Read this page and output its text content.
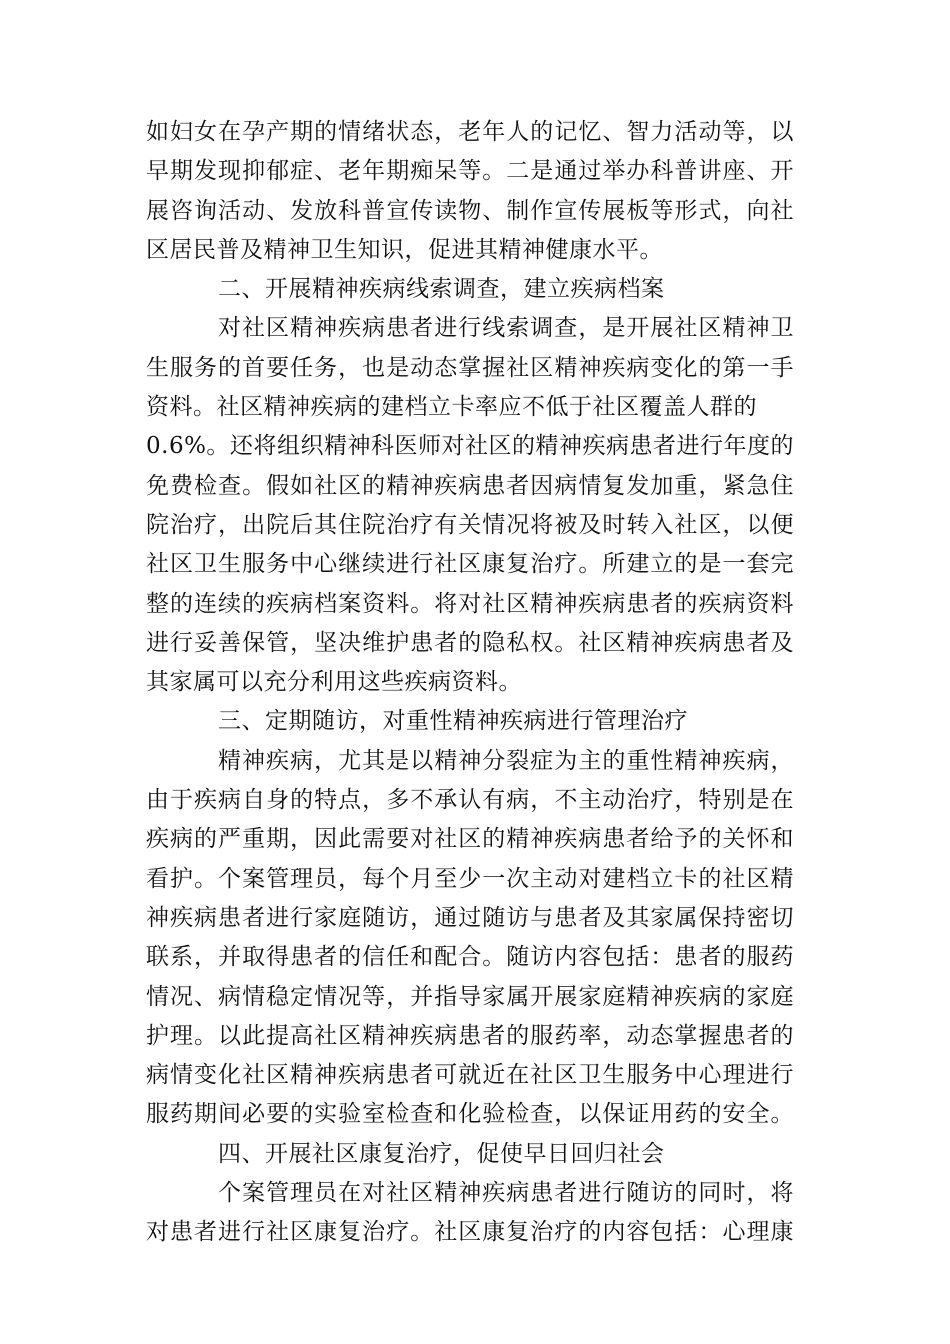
如妇女在孕产期的情绪状态，老年人的记忆、智力活动等，以
早期发现抑郁症、老年期痴呆等。二是通过举办科普讲座、开
展咨询活动、发放科普宣传读物、制作宣传展板等形式，向社
区居民普及精神卫生知识，促进其精神健康水平。
二、开展精神疾病线索调查，建立疾病档案
对社区精神疾病患者进行线索调查，是开展社区精神卫
生服务的首要任务，也是动态掌握社区精神疾病变化的第一手
资料。社区精神疾病的建档立卡率应不低于社区覆盖人群的
0.6%。还将组织精神科医师对社区的精神疾病患者进行年度的
免费检查。假如社区的精神疾病患者因病情复发加重，紧急住
院治疗，出院后其住院治疗有关情况将被及时转入社区，以便
社区卫生服务中心继续进行社区康复治疗。所建立的是一套完
整的连续的疾病档案资料。将对社区精神疾病患者的疾病资料
进行妥善保管，坚决维护患者的隐私权。社区精神疾病患者及
其家属可以充分利用这些疾病资料。
三、定期随访，对重性精神疾病进行管理治疗
精神疾病，尤其是以精神分裂症为主的重性精神疾病，
由于疾病自身的特点，多不承认有病，不主动治疗，特别是在
疾病的严重期，因此需要对社区的精神疾病患者给予的关怀和
看护。个案管理员，每个月至少一次主动对建档立卡的社区精
神疾病患者进行家庭随访，通过随访与患者及其家属保持密切
联系，并取得患者的信任和配合。随访内容包括：患者的服药
情况、病情稳定情况等，并指导家属开展家庭精神疾病的家庭
护理。以此提高社区精神疾病患者的服药率，动态掌握患者的
病情变化社区精神疾病患者可就近在社区卫生服务中心理进行
服药期间必要的实验室检查和化验检查，以保证用药的安全。
四、开展社区康复治疗，促使早日回归社会
个案管理员在对社区精神疾病患者进行随访的同时，将
对患者进行社区康复治疗。社区康复治疗的内容包括：心理康
